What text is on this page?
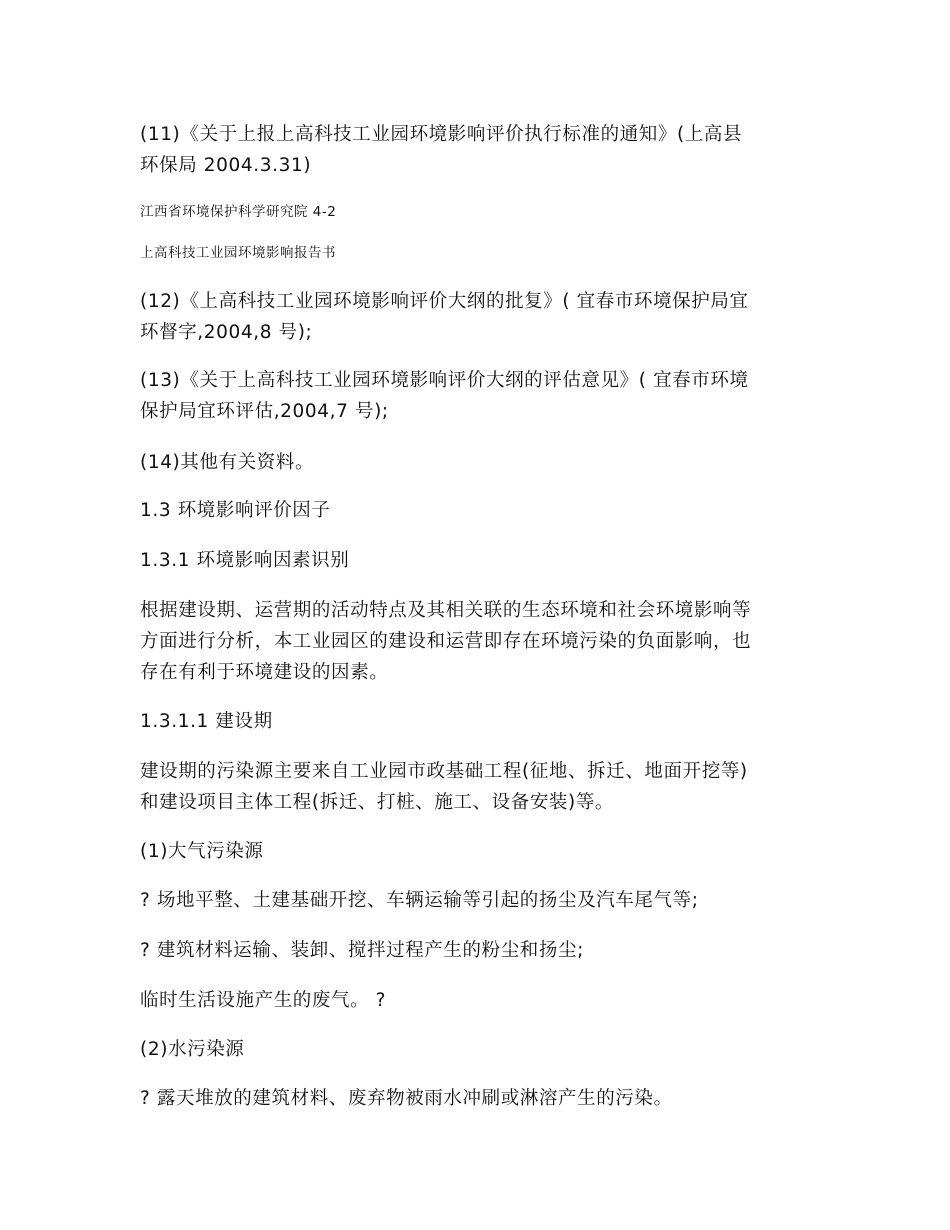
(11)《关于上报上高科技工业园环境影响评价执行标准的通知》(上高县
环保局 2004.3.31)
江西省环境保护科学研究院 4-2
上高科技工业园环境影响报告书
(12)《上高科技工业园环境影响评价大纲的批复》( 宜春市环境保护局宜
环督字,2004,8 号);
(13)《关于上高科技工业园环境影响评价大纲的评估意见》( 宜春市环境
保护局宜环评估,2004,7 号);
(14)其他有关资料。
1.3 环境影响评价因子
1.3.1 环境影响因素识别
根据建设期、运营期的活动特点及其相关联的生态环境和社会环境影响等
方面进行分析，本工业园区的建设和运营即存在环境污染的负面影响，也
存在有利于环境建设的因素。
1.3.1.1 建设期
建设期的污染源主要来自工业园市政基础工程(征地、拆迁、地面开挖等)
和建设项目主体工程(拆迁、打桩、施工、设备安装)等。
(1)大气污染源
? 场地平整、土建基础开挖、车辆运输等引起的扬尘及汽车尾气等;
? 建筑材料运输、装卸、搅拌过程产生的粉尘和扬尘;
临时生活设施产生的废气。 ?
(2)水污染源
? 露天堆放的建筑材料、废弃物被雨水冲刷或淋溶产生的污染。
